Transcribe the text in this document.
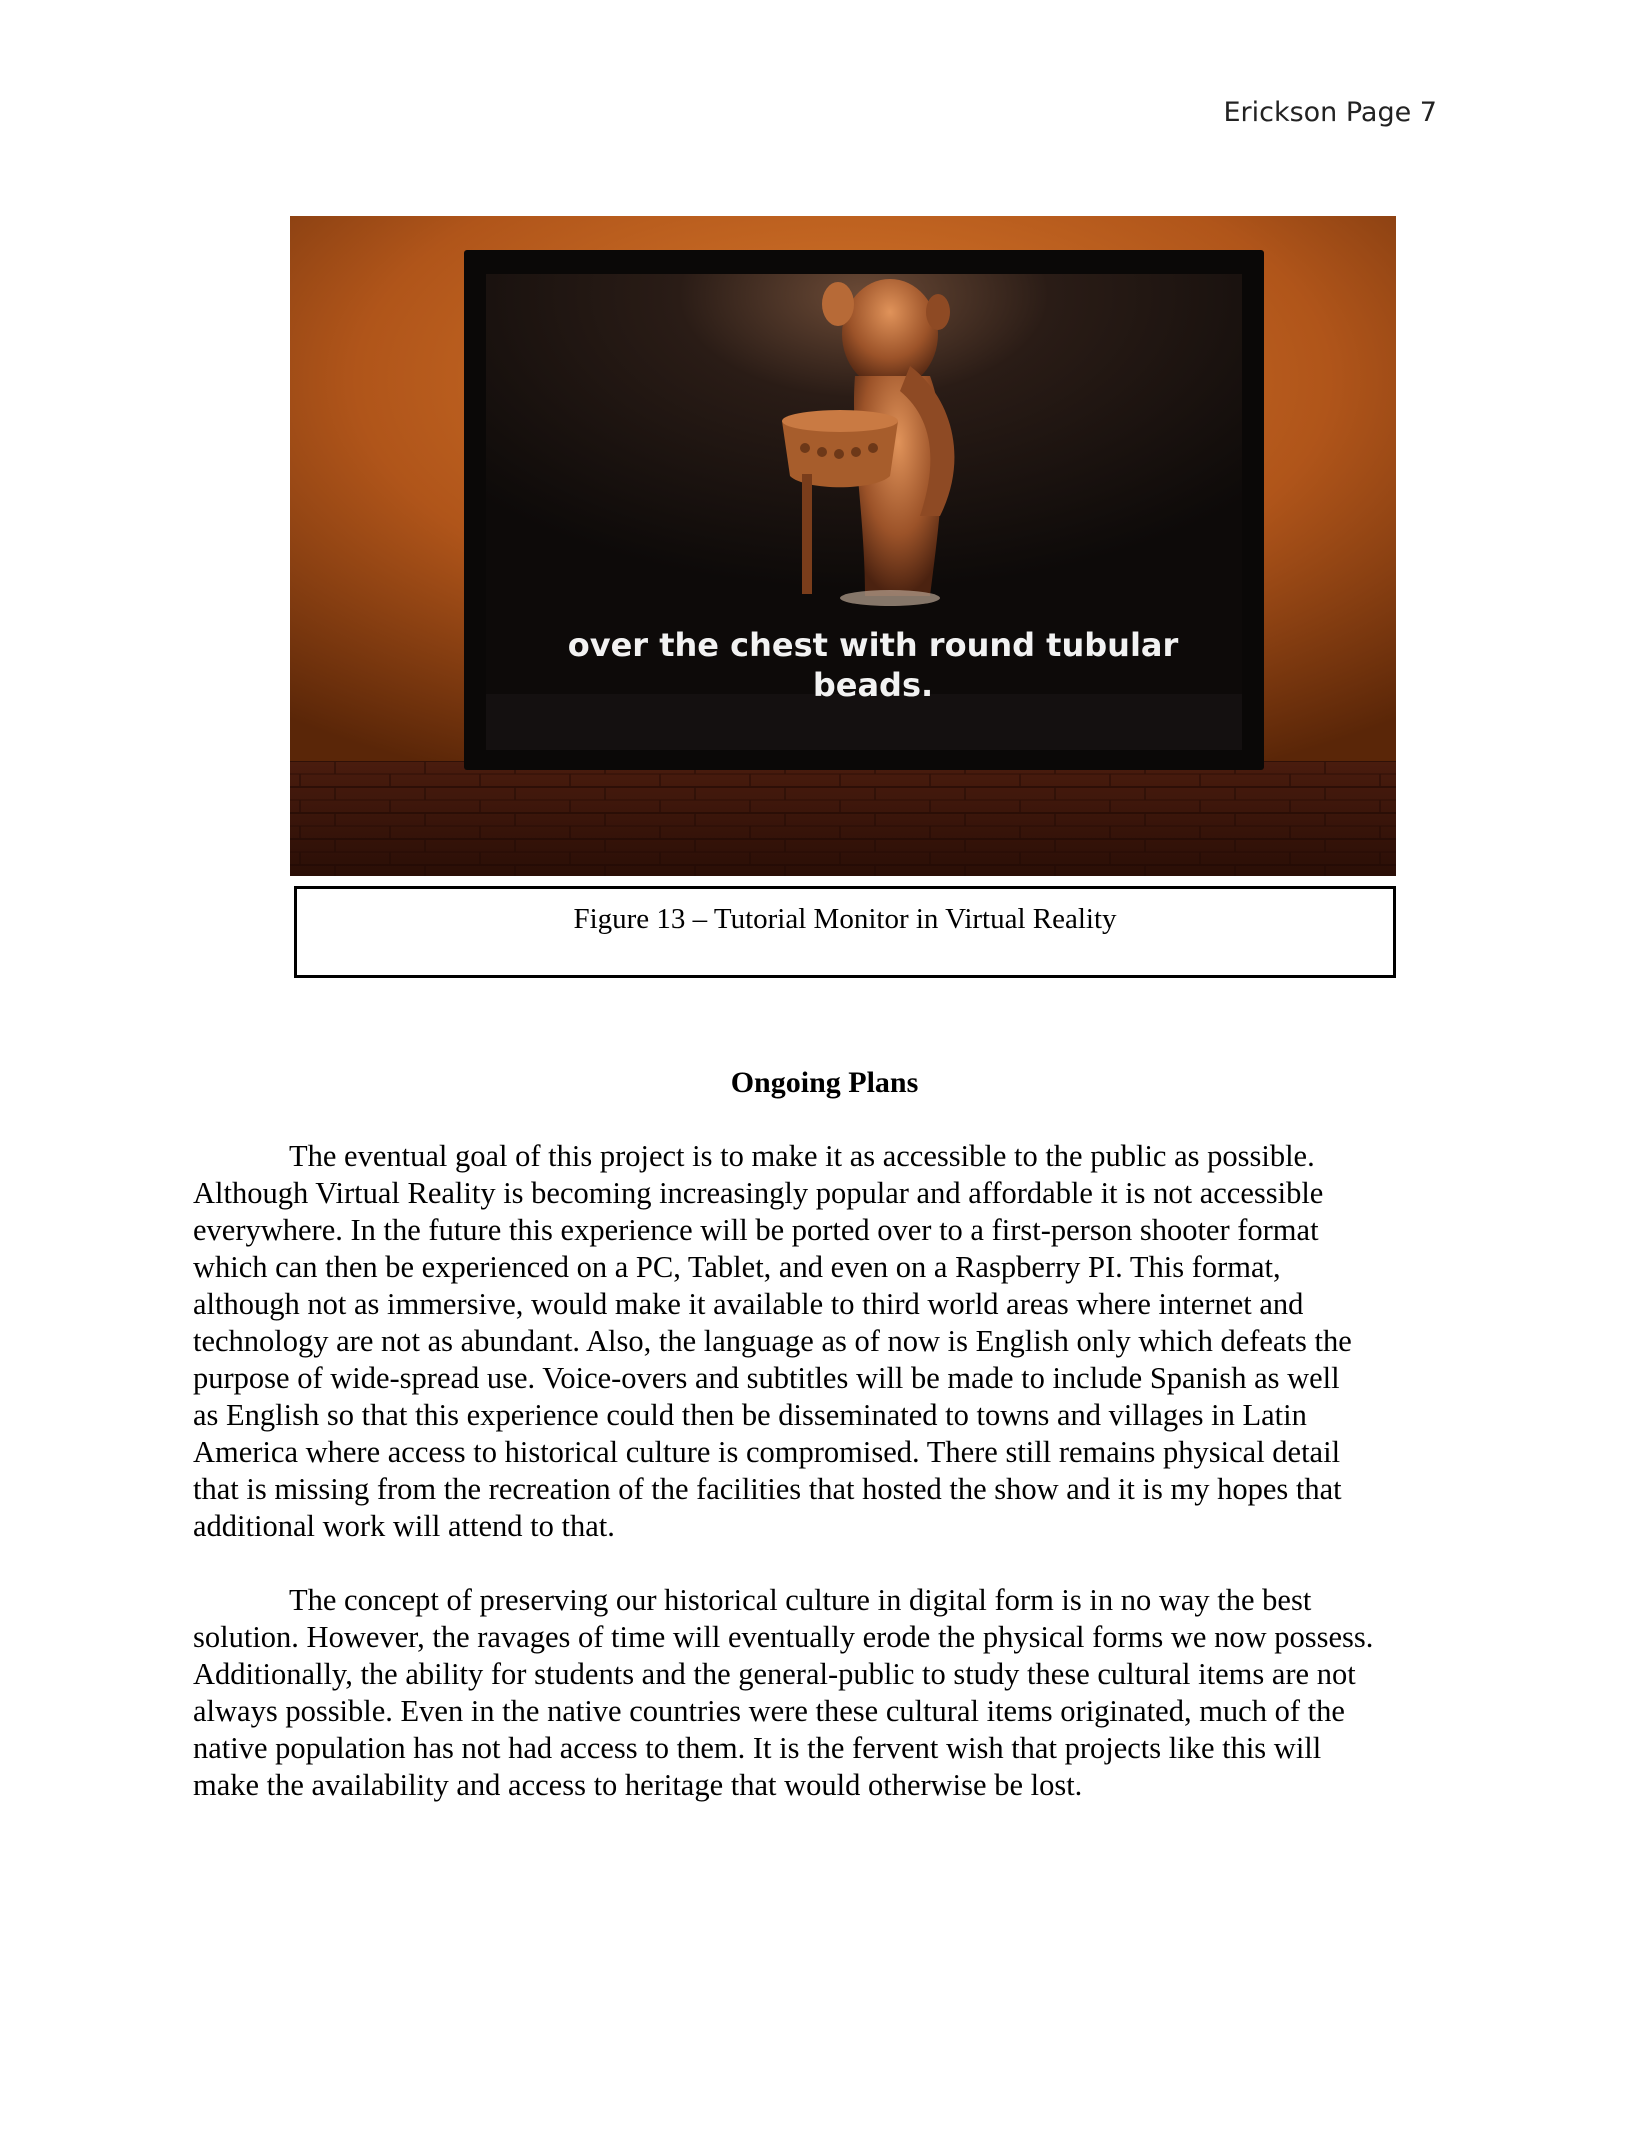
Erickson Page 7
over the chest with round tubular
beads.
Figure 13 – Tutorial Monitor in Virtual Reality
Ongoing Plans

The eventual goal of this project is to make it as accessible to the public as possible.
Although Virtual Reality is becoming increasingly popular and affordable it is not accessible
everywhere. In the future this experience will be ported over to a first-person shooter format
which can then be experienced on a PC, Tablet, and even on a Raspberry PI. This format,
although not as immersive, would make it available to third world areas where internet and
technology are not as abundant. Also, the language as of now is English only which defeats the
purpose of wide-spread use. Voice-overs and subtitles will be made to include Spanish as well
as English so that this experience could then be disseminated to towns and villages in Latin
America where access to historical culture is compromised. There still remains physical detail
that is missing from the recreation of the facilities that hosted the show and it is my hopes that
additional work will attend to that.

The concept of preserving our historical culture in digital form is in no way the best
solution. However, the ravages of time will eventually erode the physical forms we now possess.
Additionally, the ability for students and the general-public to study these cultural items are not
always possible. Even in the native countries were these cultural items originated, much of the
native population has not had access to them. It is the fervent wish that projects like this will
make the availability and access to heritage that would otherwise be lost.
